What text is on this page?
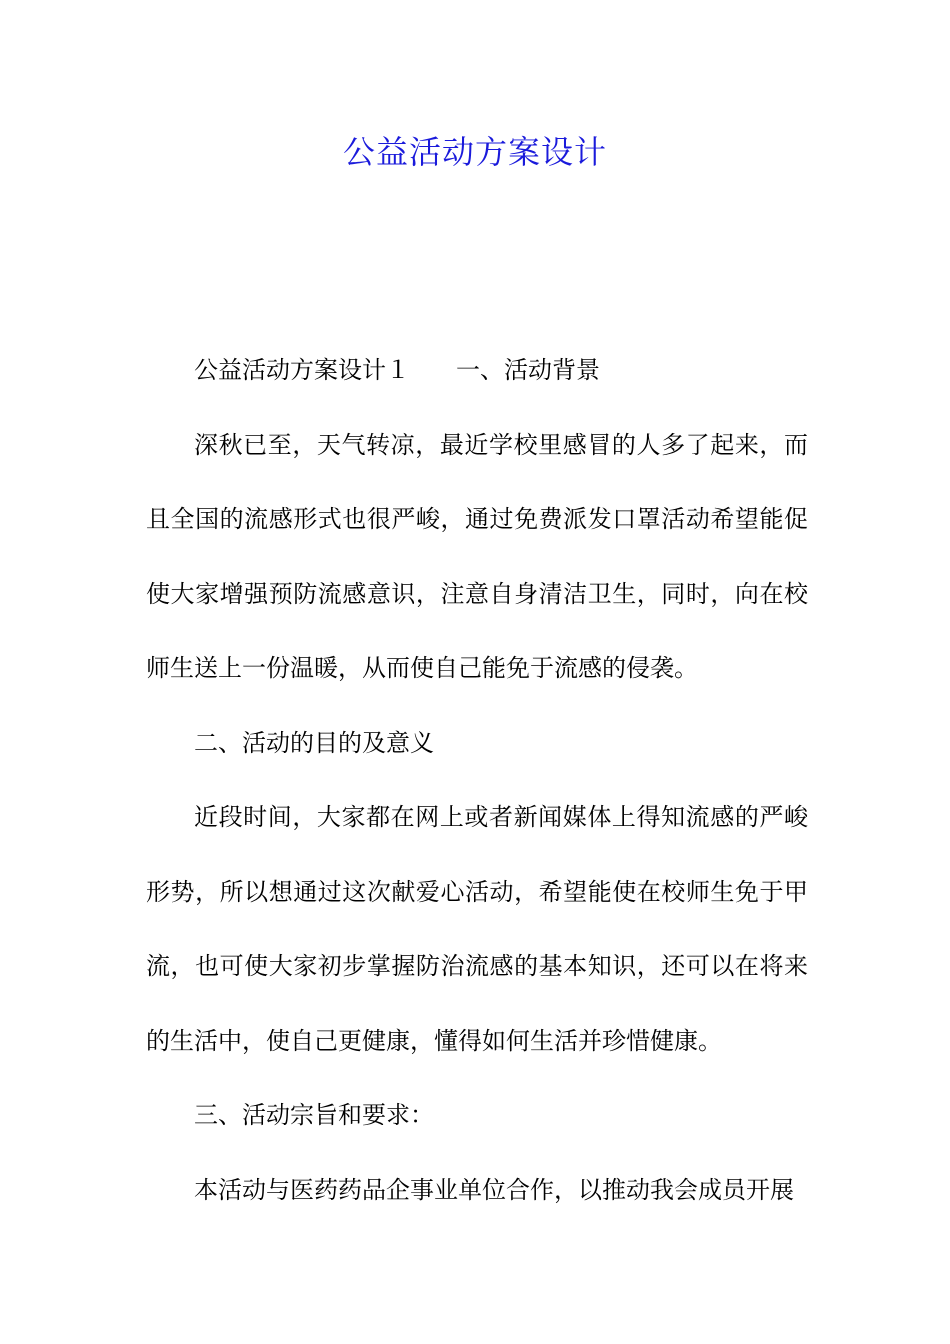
公益活动方案设计

公益活动方案设计１ 一、活动背景

深秋已至，天气转凉，最近学校里感冒的人多了起来，而且全国的流感形式也很严峻，通过免费派发口罩活动希望能促使大家增强预防流感意识，注意自身清洁卫生，同时，向在校师生送上一份温暖，从而使自己能免于流感的侵袭。

二、活动的目的及意义

近段时间，大家都在网上或者新闻媒体上得知流感的严峻形势，所以想通过这次献爱心活动，希望能使在校师生免于甲流，也可使大家初步掌握防治流感的基本知识，还可以在将来的生活中，使自己更健康，懂得如何生活并珍惜健康。

三、活动宗旨和要求：

本活动与医药药品企事业单位合作，以推动我会成员开展
